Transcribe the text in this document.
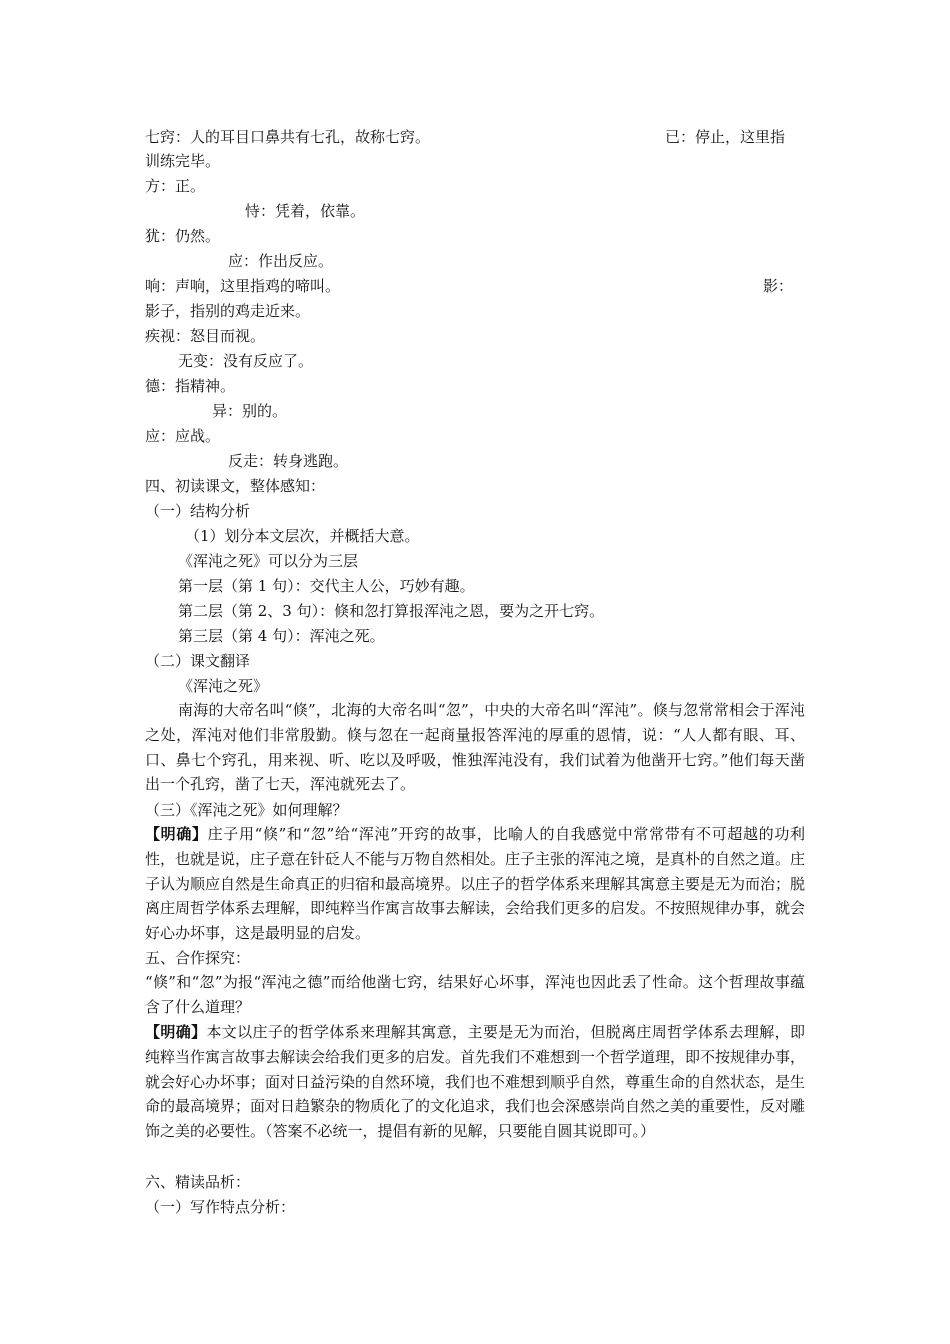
七窍：人的耳目口鼻共有七孔，故称七窍。	已：停止，这里指
训练完毕。
方：正。
恃：凭着，依靠。
犹：仍然。
应：作出反应。
响：声响，这里指鸡的啼叫。	影：
影子，指别的鸡走近来。
疾视：怒目而视。
无变：没有反应了。
德：指精神。
异：别的。
应：应战。
反走：转身逃跑。
四、初读课文，整体感知：
（一）结构分析
（1）划分本文层次，并概括大意。
《浑沌之死》可以分为三层
第一层（第 1 句）：交代主人公，巧妙有趣。
第二层（第 2、3 句）：倏和忽打算报浑沌之恩，要为之开七窍。
第三层（第 4 句）：浑沌之死。
（二）课文翻译
《浑沌之死》

南海的大帝名叫“倏”，北海的大帝名叫“忽”，中央的大帝名叫“浑沌”。倏与忽常常相会于浑沌之处，浑沌对他们非常殷勤。倏与忽在一起商量报答浑沌的厚重的恩情，说：“人人都有眼、耳、口、鼻七个窍孔，用来视、听、吃以及呼吸，惟独浑沌没有，我们试着为他凿开七窍。”他们每天凿出一个孔窍，凿了七天，浑沌就死去了。

（三）《浑沌之死》如何理解？

【明确】庄子用“倏”和“忽”给“浑沌”开窍的故事，比喻人的自我感觉中常常带有不可超越的功利性，也就是说，庄子意在针砭人不能与万物自然相处。庄子主张的浑沌之境，是真朴的自然之道。庄子认为顺应自然是生命真正的归宿和最高境界。以庄子的哲学体系来理解其寓意主要是无为而治；脱离庄周哲学体系去理解，即纯粹当作寓言故事去解读，会给我们更多的启发。不按照规律办事，就会好心办坏事，这是最明显的启发。

五、合作探究：

“倏”和“忽”为报“浑沌之德”而给他凿七窍，结果好心坏事，浑沌也因此丢了性命。这个哲理故事蕴含了什么道理？

【明确】本文以庄子的哲学体系来理解其寓意，主要是无为而治，但脱离庄周哲学体系去理解，即纯粹当作寓言故事去解读会给我们更多的启发。首先我们不难想到一个哲学道理，即不按规律办事，就会好心办坏事；面对日益污染的自然环境，我们也不难想到顺乎自然，尊重生命的自然状态，是生命的最高境界；面对日趋繁杂的物质化了的文化追求，我们也会深感崇尚自然之美的重要性，反对雕饰之美的必要性。（答案不必统一，提倡有新的见解，只要能自圆其说即可。）

六、精读品析：
（一）写作特点分析：
